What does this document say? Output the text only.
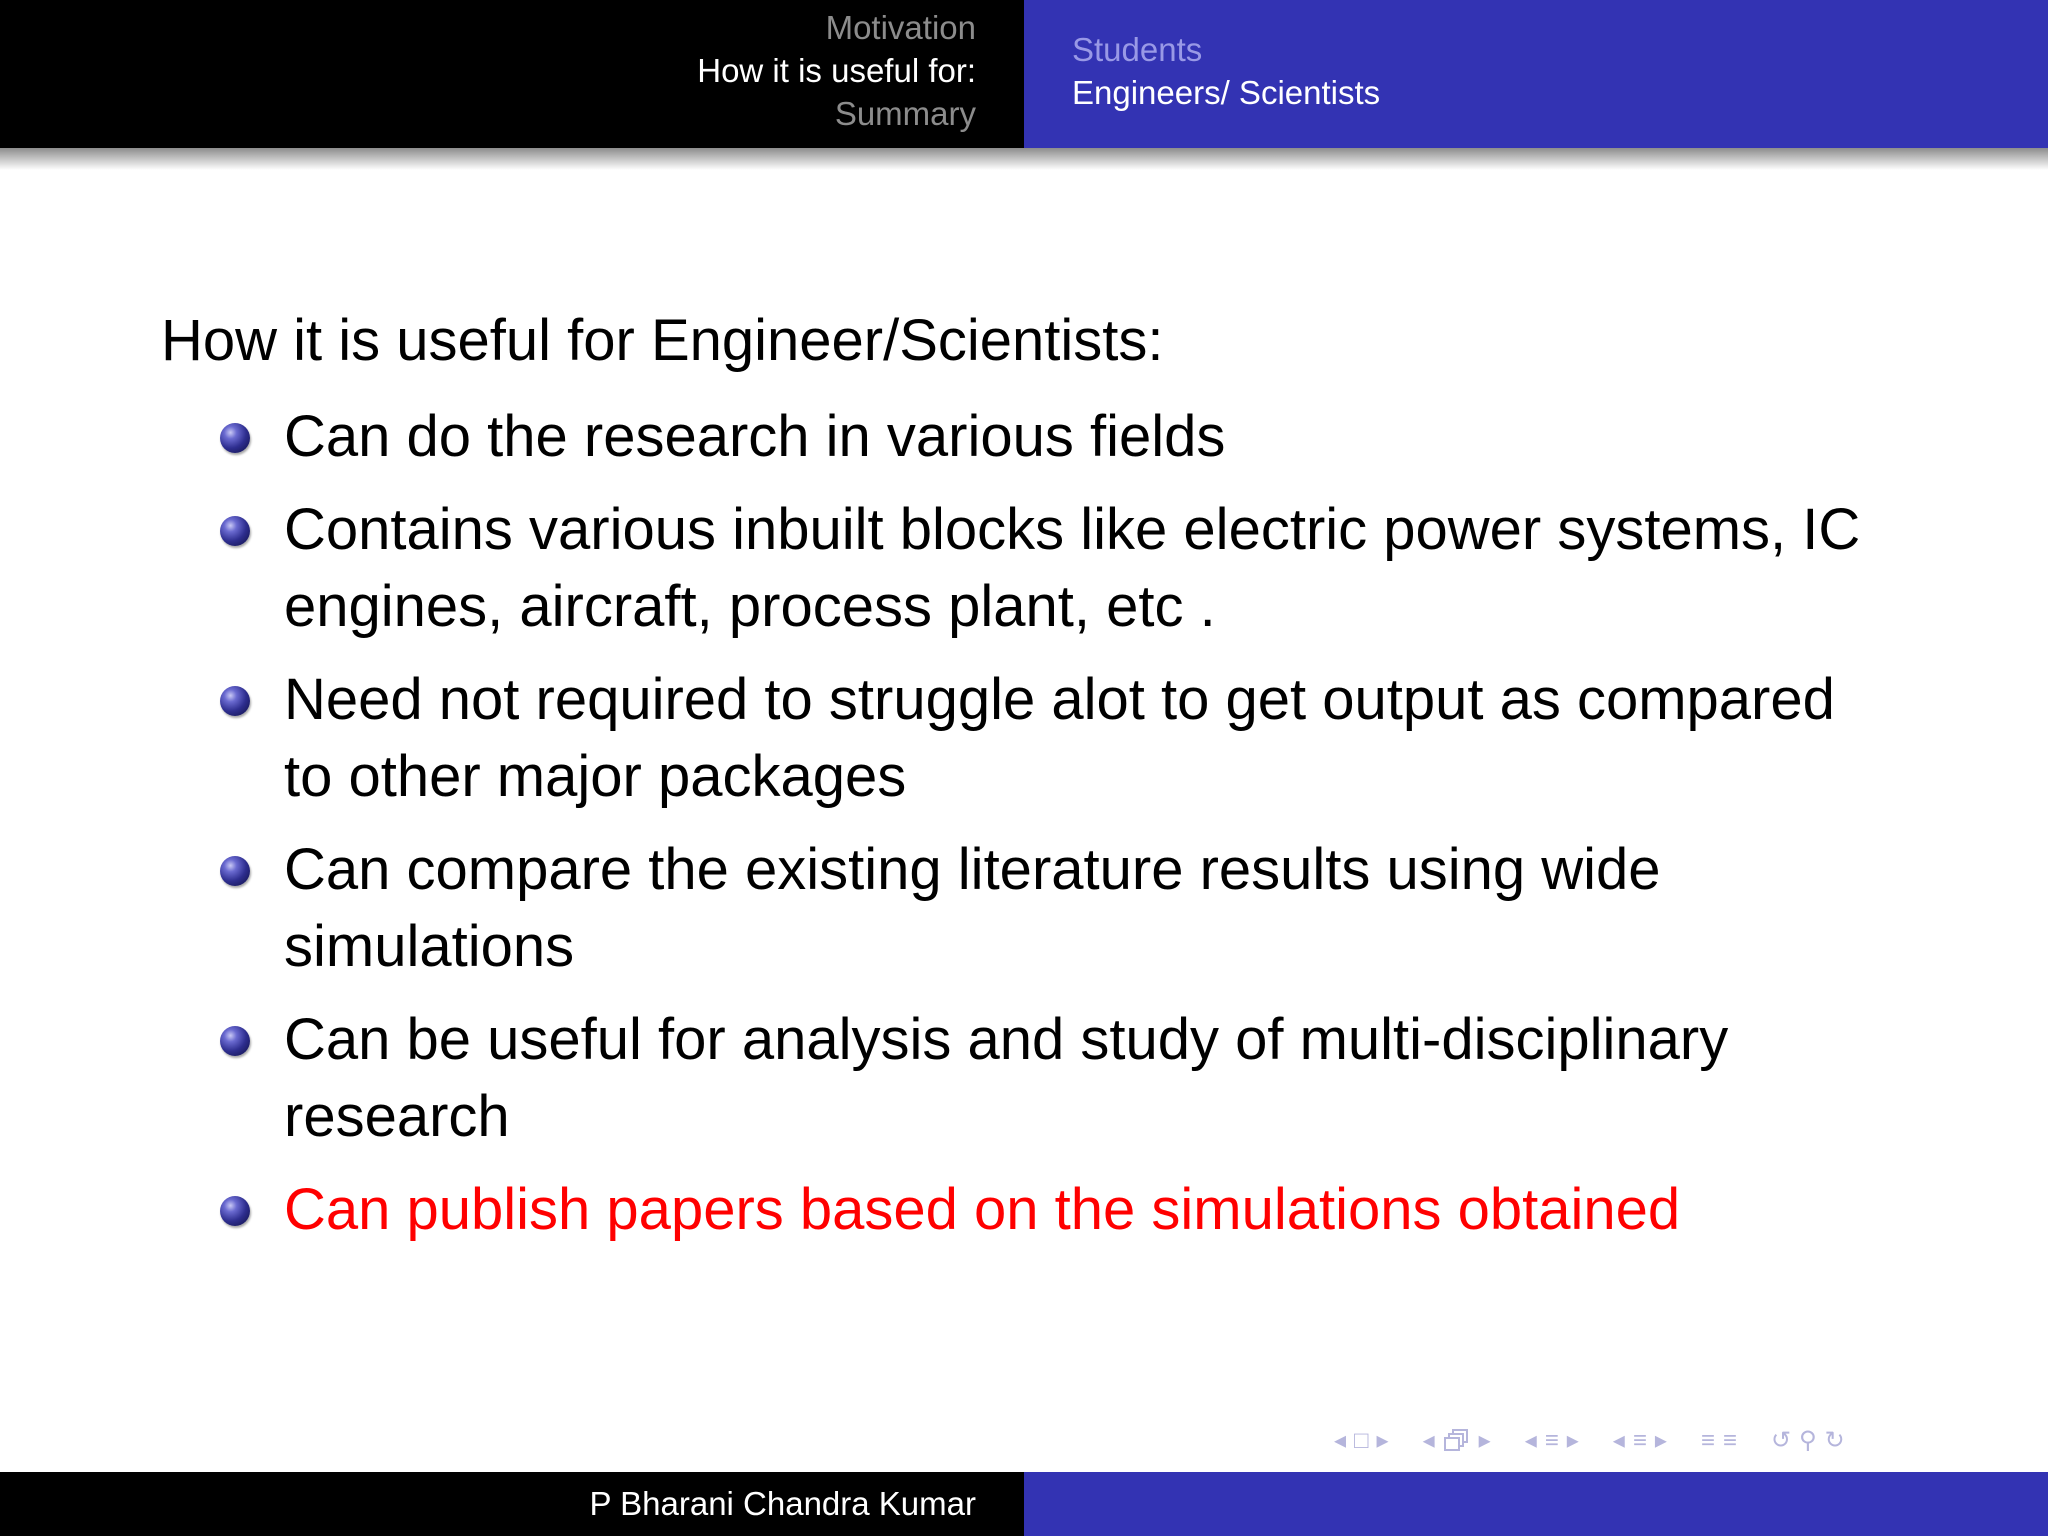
Motivation
How it is useful for:
Summary
Students
Engineers/ Scientists
How it is useful for Engineer/Scientists:
Can do the research in various fields
Contains various inbuilt blocks like electric power systems, IC engines, aircraft, process plant, etc .
Need not required to struggle alot to get output as compared to other major packages
Can compare the existing literature results using wide simulations
Can be useful for analysis and study of multi-disciplinary research
Can publish papers based on the simulations obtained
◂ □ ▸ ◂ ▸ ◂ ≡ ▸ ◂ ≡ ▸ ≡ ≡ ↺ ⚲ ↻
P Bharani Chandra Kumar
